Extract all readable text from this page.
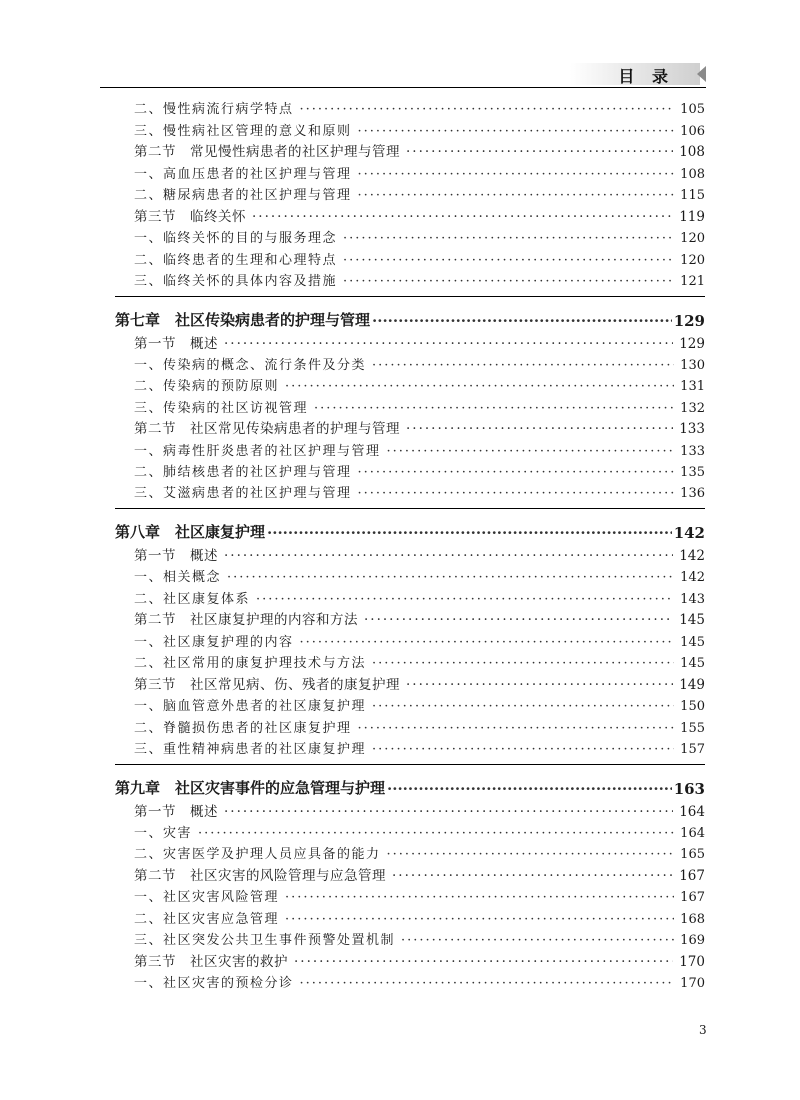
目 录
二、慢性病流行病学特点 ·····	105
三、慢性病社区管理的意义和原则 ·····	106
第二节　常见慢性病患者的社区护理与管理 ·····	108
一、高血压患者的社区护理与管理 ·····	108
二、糖尿病患者的社区护理与管理 ·····	115
第三节　临终关怀 ·····	119
一、临终关怀的目的与服务理念 ·····	120
二、临终患者的生理和心理特点 ·····	120
三、临终关怀的具体内容及措施 ·····	121
第七章　社区传染病患者的护理与管理 ·····	129
第一节　概述 ·····	129
一、传染病的概念、流行条件及分类 ·····	130
二、传染病的预防原则 ·····	131
三、传染病的社区访视管理 ·····	132
第二节　社区常见传染病患者的护理与管理 ·····	133
一、病毒性肝炎患者的社区护理与管理 ·····	133
二、肺结核患者的社区护理与管理 ·····	135
三、艾滋病患者的社区护理与管理 ·····	136
第八章　社区康复护理 ·····	142
第一节　概述 ·····	142
一、相关概念 ·····	142
二、社区康复体系 ·····	143
第二节　社区康复护理的内容和方法 ·····	145
一、社区康复护理的内容 ·····	145
二、社区常用的康复护理技术与方法 ·····	145
第三节　社区常见病、伤、残者的康复护理 ·····	149
一、脑血管意外患者的社区康复护理 ·····	150
二、脊髓损伤患者的社区康复护理 ·····	155
三、重性精神病患者的社区康复护理 ·····	157
第九章　社区灾害事件的应急管理与护理 ·····	163
第一节　概述 ·····	164
一、灾害 ·····	164
二、灾害医学及护理人员应具备的能力 ·····	165
第二节　社区灾害的风险管理与应急管理 ·····	167
一、社区灾害风险管理 ·····	167
二、社区灾害应急管理 ·····	168
三、社区突发公共卫生事件预警处置机制 ·····	169
第三节　社区灾害的救护 ·····	170
一、社区灾害的预检分诊 ·····	170
3
